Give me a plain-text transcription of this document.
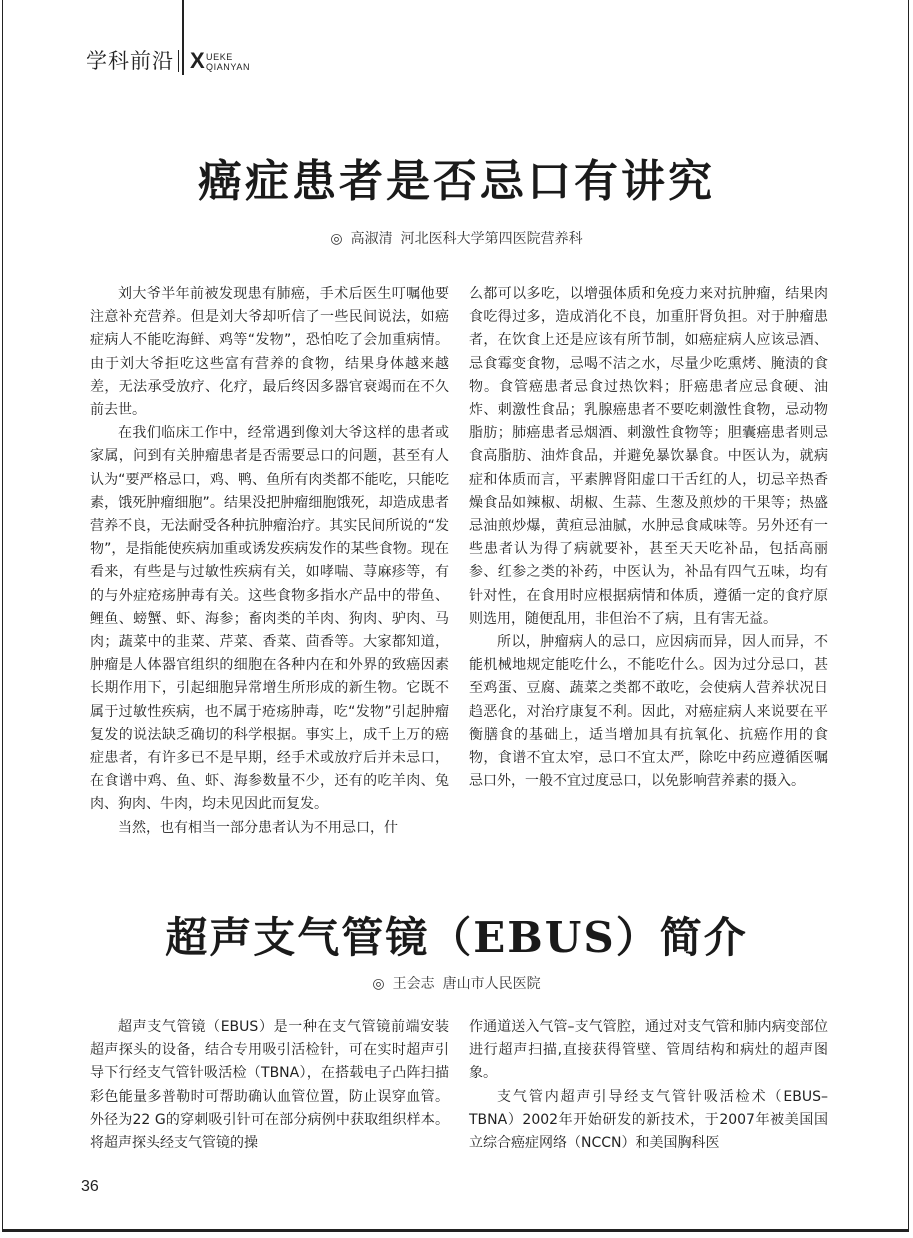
学科前沿 X UEKE
QIANYAN
癌症患者是否忌口有讲究
◎ 高淑清 河北医科大学第四医院营养科

刘大爷半年前被发现患有肺癌，手术后医生叮嘱他要注意补充营养。但是刘大爷却听信了一些民间说法，如癌症病人不能吃海鲜、鸡等“发物”，恐怕吃了会加重病情。由于刘大爷拒吃这些富有营养的食物，结果身体越来越差，无法承受放疗、化疗，最后终因多器官衰竭而在不久前去世。

在我们临床工作中，经常遇到像刘大爷这样的患者或家属，问到有关肿瘤患者是否需要忌口的问题，甚至有人认为“要严格忌口，鸡、鸭、鱼所有肉类都不能吃，只能吃素，饿死肿瘤细胞”。结果没把肿瘤细胞饿死，却造成患者营养不良，无法耐受各种抗肿瘤治疗。其实民间所说的“发物”，是指能使疾病加重或诱发疾病发作的某些食物。现在看来，有些是与过敏性疾病有关，如哮喘、荨麻疹等，有的与外症疮疡肿毒有关。这些食物多指水产品中的带鱼、鲤鱼、螃蟹、虾、海参；畜肉类的羊肉、狗肉、驴肉、马肉；蔬菜中的韭菜、芹菜、香菜、茴香等。大家都知道，肿瘤是人体器官组织的细胞在各种内在和外界的致癌因素长期作用下，引起细胞异常增生所形成的新生物。它既不属于过敏性疾病，也不属于疮疡肿毒，吃“发物”引起肿瘤复发的说法缺乏确切的科学根据。事实上，成千上万的癌症患者，有许多已不是早期，经手术或放疗后并未忌口，在食谱中鸡、鱼、虾、海参数量不少，还有的吃羊肉、兔肉、狗肉、牛肉，均未见因此而复发。

当然，也有相当一部分患者认为不用忌口，什

么都可以多吃，以增强体质和免疫力来对抗肿瘤，结果肉食吃得过多，造成消化不良，加重肝肾负担。对于肿瘤患者，在饮食上还是应该有所节制，如癌症病人应该忌酒、忌食霉变食物，忌喝不洁之水，尽量少吃熏烤、腌渍的食物。食管癌患者忌食过热饮料；肝癌患者应忌食硬、油炸、刺激性食品；乳腺癌患者不要吃刺激性食物，忌动物脂肪；肺癌患者忌烟酒、刺激性食物等；胆囊癌患者则忌食高脂肪、油炸食品，并避免暴饮暴食。中医认为，就病症和体质而言，平素脾肾阳虚口干舌红的人，切忌辛热香燥食品如辣椒、胡椒、生蒜、生葱及煎炒的干果等；热盛忌油煎炒爆，黄疸忌油腻，水肿忌食咸味等。另外还有一些患者认为得了病就要补，甚至天天吃补品，包括高丽参、红参之类的补药，中医认为，补品有四气五味，均有针对性，在食用时应根据病情和体质，遵循一定的食疗原则选用，随便乱用，非但治不了病，且有害无益。

所以，肿瘤病人的忌口，应因病而异，因人而异，不能机械地规定能吃什么，不能吃什么。因为过分忌口，甚至鸡蛋、豆腐、蔬菜之类都不敢吃，会使病人营养状况日趋恶化，对治疗康复不利。因此，对癌症病人来说要在平衡膳食的基础上，适当增加具有抗氧化、抗癌作用的食物，食谱不宜太窄，忌口不宜太严，除吃中药应遵循医嘱忌口外，一般不宜过度忌口，以免影响营养素的摄入。

超声支气管镜（EBUS）简介
◎ 王会志 唐山市人民医院

超声支气管镜（EBUS）是一种在支气管镜前端安装超声探头的设备，结合专用吸引活检针，可在实时超声引导下行经支气管针吸活检（TBNA），在搭载电子凸阵扫描彩色能量多普勒时可帮助确认血管位置，防止误穿血管。外径为22 G的穿刺吸引针可在部分病例中获取组织样本。将超声探头经支气管镜的操

作通道送入气管–支气管腔，通过对支气管和肺内病变部位进行超声扫描,直接获得管壁、管周结构和病灶的超声图象。

支气管内超声引导经支气管针吸活检术（EBUS–TBNA）2002年开始研发的新技术，于2007年被美国国立综合癌症网络（NCCN）和美国胸科医

36
